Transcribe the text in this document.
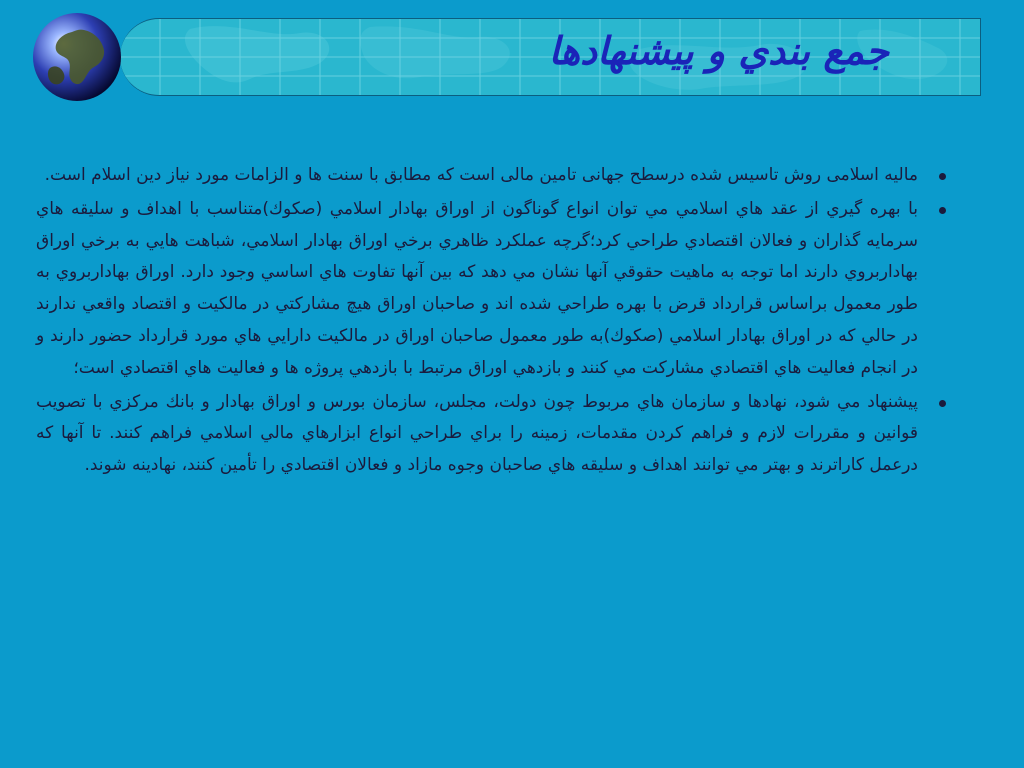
جمع بندي و پيشنهادها
ماليه اسلامی روش تاسیس شده درسطح جهانی تامین مالی است که مطابق با سنت ها و الزامات مورد نیاز دین اسلام است.
با بهره گيري از عقد هاي اسلامي مي توان انواع گوناگون از اوراق بهادار اسلامي (صكوك)متناسب با اهداف و سليقه هاي سرمايه گذاران و فعالان اقتصادي طراحي كرد؛گرچه عملكرد ظاهري برخي اوراق بهادار اسلامي، شباهت هايي به برخي اوراق بهاداربروي دارند اما توجه به ماهيت حقوقي آنها نشان مي دهد كه بين آنها تفاوت هاي اساسي وجود دارد. اوراق بهاداربروي به طور معمول براساس قرارداد قرض با بهره طراحي شده اند و صاحبان اوراق هيچ مشاركتي در مالكيت و اقتصاد واقعي ندارند در حالي كه در اوراق بهادار اسلامي (صكوك)به طور معمول صاحبان اوراق در مالكيت دارايي هاي مورد قرارداد حضور دارند و در انجام فعاليت هاي اقتصادي مشاركت مي كنند و بازدهي اوراق مرتبط با بازدهي پروژه ها و فعاليت هاي اقتصادي است؛
پيشنهاد مي شود، نهادها و سازمان هاي مربوط چون دولت، مجلس، سازمان بورس و اوراق بهادار و بانك مركزي با تصويب قوانين و مقررات لازم و فراهم كردن مقدمات، زمينه را براي طراحي انواع ابزارهاي مالي اسلامي فراهم كنند. تا آنها كه درعمل كاراترند و بهتر مي توانند اهداف و سليقه هاي صاحبان وجوه مازاد و فعالان اقتصادي را تأمين كنند، نهادينه شوند.
